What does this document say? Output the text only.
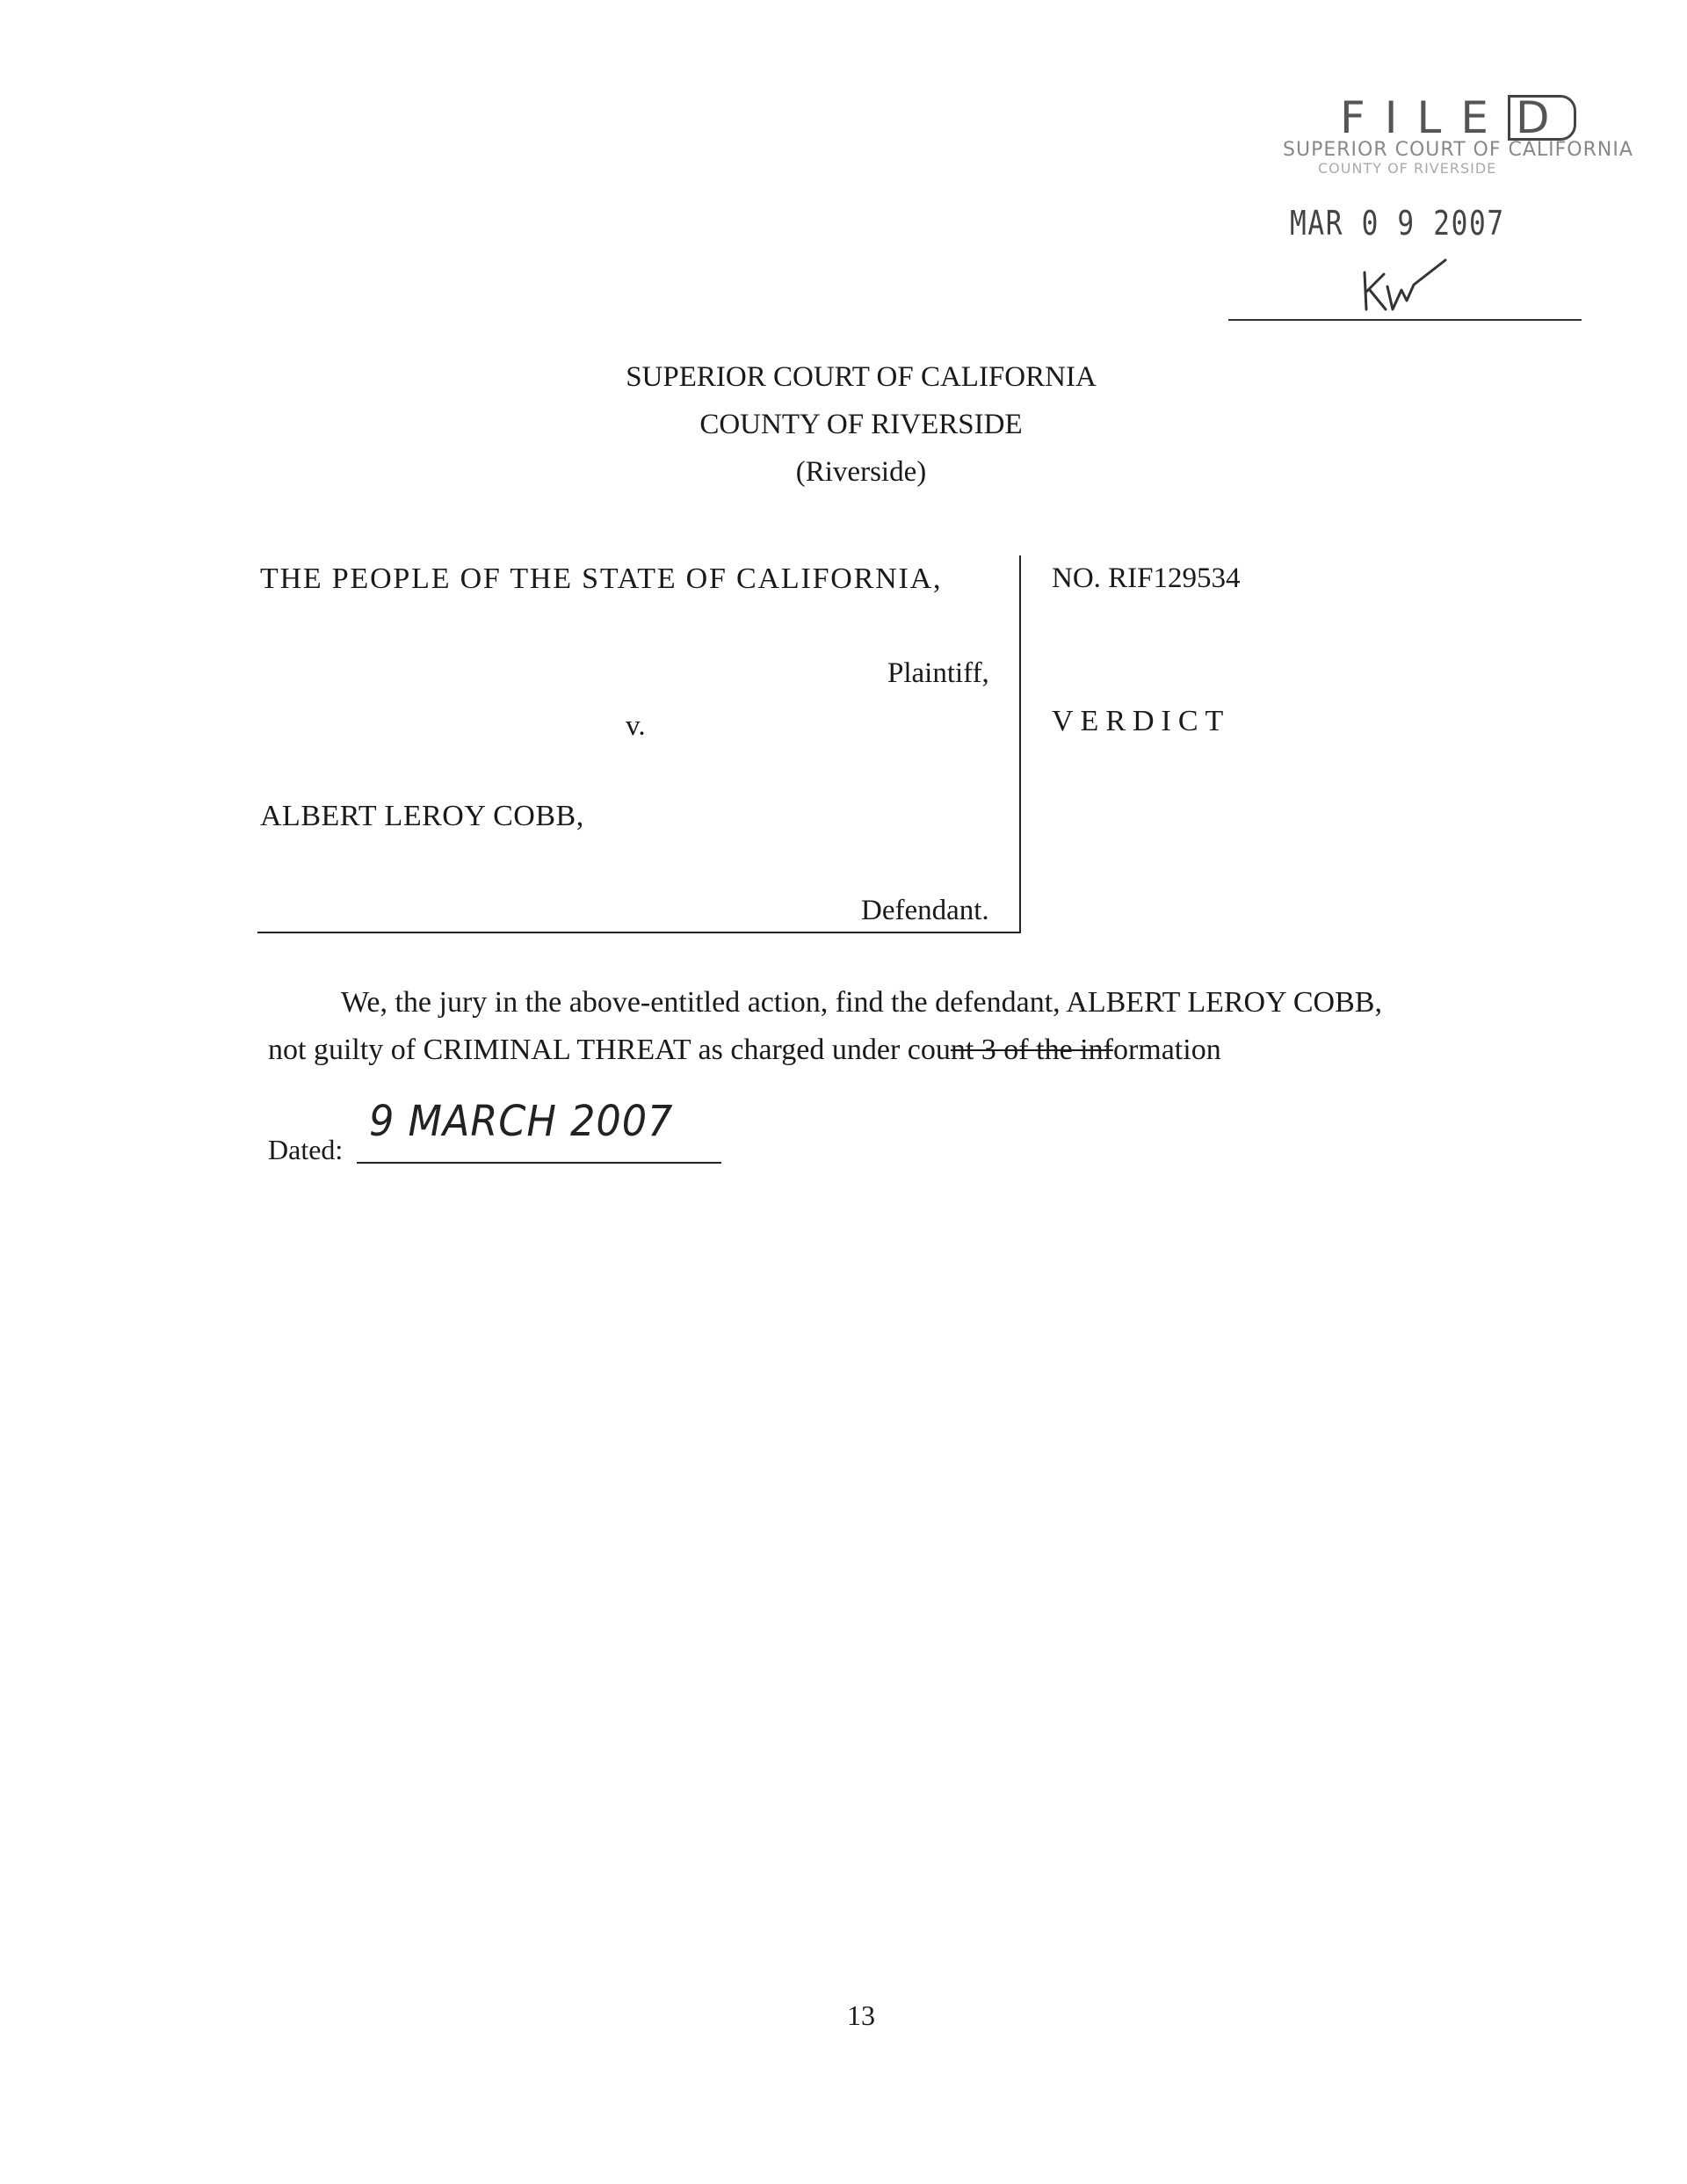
FILE D
SUPERIOR COURT OF CALIFORNIA
COUNTY OF RIVERSIDE
MAR 0 9 2007
SUPERIOR COURT OF CALIFORNIA
COUNTY OF RIVERSIDE
(Riverside)
THE PEOPLE OF THE STATE OF CALIFORNIA,
Plaintiff,
v.
ALBERT LEROY COBB,
Defendant.
NO. RIF129534
VERDICT
We, the jury in the above-entitled action, find the defendant, ALBERT LEROY COBB,
not guilty of CRIMINAL THREAT as charged under count 3 of the information
Dated:
9 MARCH 2007
13
